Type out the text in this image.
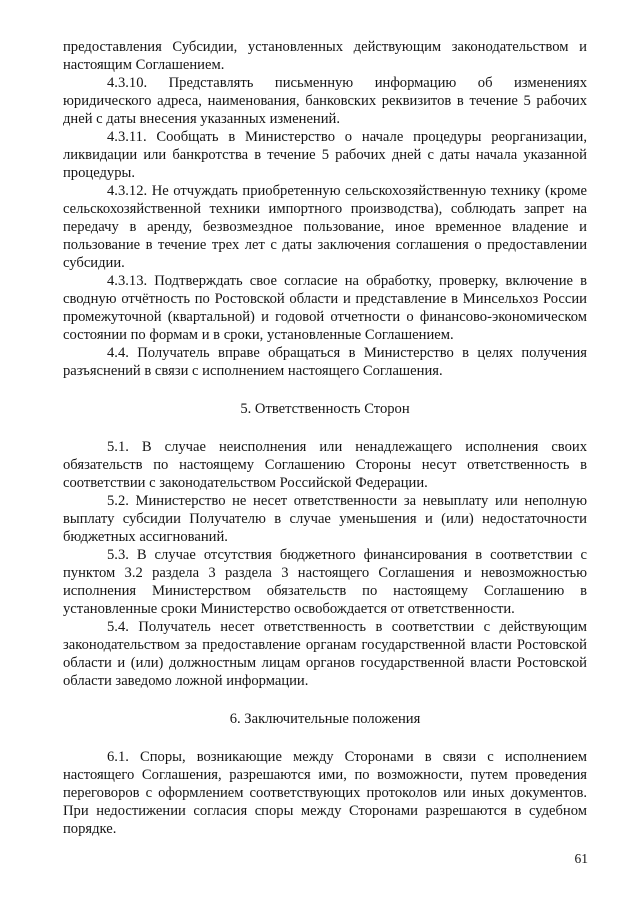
предоставления Субсидии, установленных действующим законодательством и настоящим Соглашением.

4.3.10. Представлять письменную информацию об изменениях юридического адреса, наименования, банковских реквизитов в течение 5 рабочих дней с даты внесения указанных изменений.

4.3.11. Сообщать в Министерство о начале процедуры реорганизации, ликвидации или банкротства в течение 5 рабочих дней с даты начала указанной процедуры.

4.3.12. Не отчуждать приобретенную сельскохозяйственную технику (кроме сельскохозяйственной техники импортного производства), соблюдать запрет на передачу в аренду, безвозмездное пользование, иное временное владение и пользование в течение трех лет с даты заключения соглашения о предоставлении субсидии.

4.3.13. Подтверждать свое согласие на обработку, проверку, включение в сводную отчётность по Ростовской области и представление в Минсельхоз России промежуточной (квартальной) и годовой отчетности о финансово-экономическом состоянии по формам и в сроки, установленные Соглашением.

4.4. Получатель вправе обращаться в Министерство в целях получения разъяснений в связи с исполнением настоящего Соглашения.

5. Ответственность Сторон

5.1. В случае неисполнения или ненадлежащего исполнения своих обязательств по настоящему Соглашению Стороны несут ответственность в соответствии с законодательством Российской Федерации.

5.2. Министерство не несет ответственности за невыплату или неполную выплату субсидии Получателю в случае уменьшения и (или) недостаточности бюджетных ассигнований.

5.3. В случае отсутствия бюджетного финансирования в соответствии с пунктом 3.2 раздела 3 раздела 3 настоящего Соглашения и невозможностью исполнения Министерством обязательств по настоящему Соглашению в установленные сроки Министерство освобождается от ответственности.

5.4. Получатель несет ответственность в соответствии с действующим законодательством за предоставление органам государственной власти Ростовской области и (или) должностным лицам органов государственной власти Ростовской области заведомо ложной информации.

6. Заключительные положения

6.1. Споры, возникающие между Сторонами в связи с исполнением настоящего Соглашения, разрешаются ими, по возможности, путем проведения переговоров с оформлением соответствующих протоколов или иных документов. При недостижении согласия споры между Сторонами разрешаются в судебном порядке.

61
